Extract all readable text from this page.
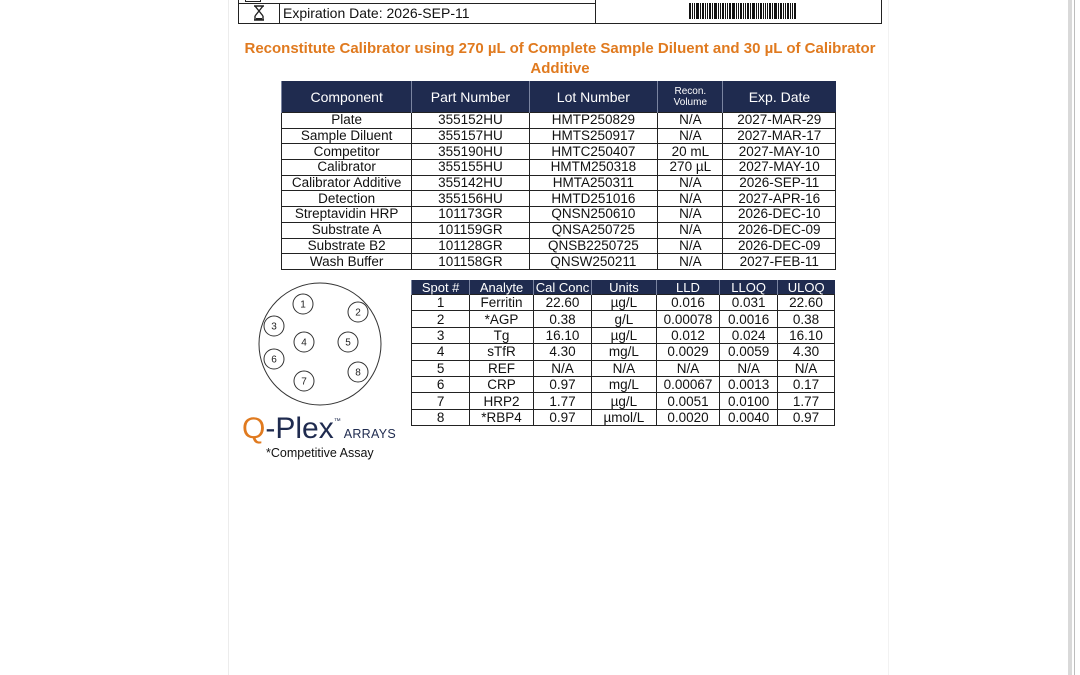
Expiration Date: 2026-SEP-11
Reconstitute Calibrator using 270 µL of Complete Sample Diluent and 30 µL of Calibrator Additive
Component	Part Number	Lot Number	Recon. Volume	Exp. Date
Plate	355152HU	HMTP250829	N/A	2027-MAR-29
Sample Diluent	355157HU	HMTS250917	N/A	2027-MAR-17
Competitor	355190HU	HMTC250407	20 mL	2027-MAY-10
Calibrator	355155HU	HMTM250318	270 µL	2027-MAY-10
Calibrator Additive	355142HU	HMTA250311	N/A	2026-SEP-11
Detection	355156HU	HMTD251016	N/A	2027-APR-16
Streptavidin HRP	101173GR	QNSN250610	N/A	2026-DEC-10
Substrate A	101159GR	QNSA250725	N/A	2026-DEC-09
Substrate B2	101128GR	QNSB2250725	N/A	2026-DEC-09
Wash Buffer	101158GR	QNSW250211	N/A	2027-FEB-11
1
2
3
4	5
6
7
8
Spot #	Analyte	Cal Conc	Units	LLD	LLOQ	ULOQ
1	Ferritin	22.60	µg/L	0.016	0.031	22.60
2	*AGP	0.38	g/L	0.00078	0.0016	0.38
3	Tg	16.10	µg/L	0.012	0.024	16.10
4	sTfR	4.30	mg/L	0.0029	0.0059	4.30
5	REF	N/A	N/A	N/A	N/A	N/A
6	CRP	0.97	mg/L	0.00067	0.0013	0.17
7	HRP2	1.77	µg/L	0.0051	0.0100	1.77
8	*RBP4	0.97	µmol/L	0.0020	0.0040	0.97
Q -Plex ™
ARRAYS
*Competitive Assay
